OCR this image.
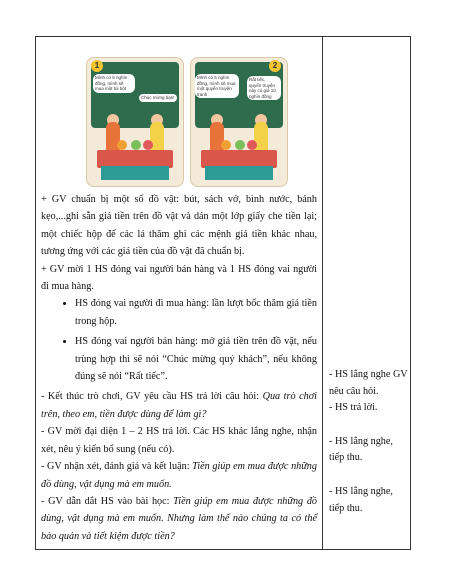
1
Mình có 5 nghìn đồng, mình sẽ mua một túi bột
Chúc mừng bạn!
2
Mình có 5 nghìn đồng, mình sẽ mua một quyển truyện tranh
Rất tiếc, quyển truyện này có giá 10 nghìn đồng

+ GV chuẩn bị một số đồ vật: bút, sách vở, bình nước, bánh kẹo,...ghi sẵn giá tiền trên đồ vật và dán một lớp giấy che tiền lại; một chiếc hộp để các lá thăm ghi các mệnh giá tiền khác nhau, tương ứng với các giá tiền của đồ vật đã chuẩn bị.

+ GV mời 1 HS đóng vai người bán hàng và 1 HS đóng vai người đi mua hàng.

• HS đóng vai người đi mua hàng: lần lượt bốc thăm giá tiền trong hộp.
• HS đóng vai người bán hàng: mở giá tiền trên đồ vật, nếu trùng hợp thì sẽ nói “Chúc mừng quý khách”, nếu không đúng sẽ nói “Rất tiếc”.

- Kết thúc trò chơi, GV yêu cầu HS trả lời câu hỏi: Qua trò chơi trên, theo em, tiền được dùng để làm gì?

- GV mời đại diện 1 – 2 HS trả lời. Các HS khác lắng nghe, nhận xét, nêu ý kiến bổ sung (nếu có).

- GV nhận xét, đánh giá và kết luận: Tiền giúp em mua được những đồ dùng, vật dụng mà em muốn.

- GV dẫn dắt HS vào bài học: Tiền giúp em mua được những đồ dùng, vật dụng mà em muốn. Nhưng làm thế nào chúng ta có thể bảo quản và tiết kiệm được tiền?

- HS lắng nghe GV nêu câu hỏi.
- HS trả lời.
- HS lắng nghe, tiếp thu.
- HS lắng nghe, tiếp thu.
